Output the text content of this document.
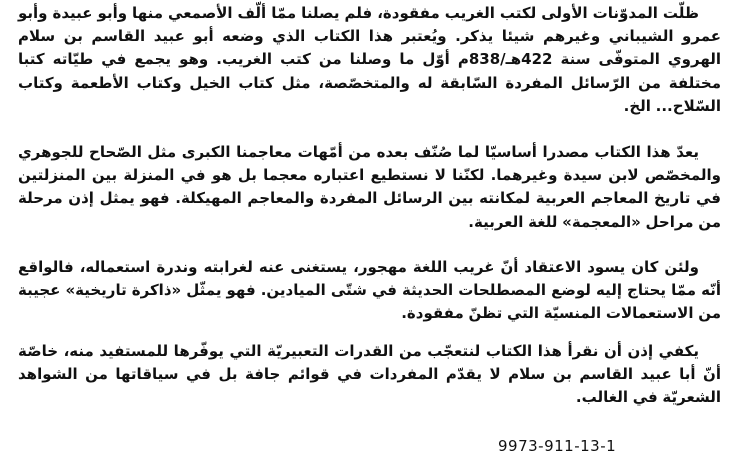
ظلّت المدوّنات الأولى لكتب الغريب مفقودة، فلم يصلنا ممّا ألّف الأصمعي منها وأبو عبيدة وأبو عمرو الشيباني وغيرهم شيئا يذكر. ويُعتبر هذا الكتاب الذي وضعه أبو عبيد القاسم بن سلام الهروي المتوفّى سنة 422هـ/838م أوّل ما وصلنا من كتب الغريب. وهو يجمع في طيّاته كتبا مختلفة من الرّسائل المفردة السّابقة له والمتخصّصة، مثل كتاب الخيل وكتاب الأطعمة وكتاب السّلاح... الخ.

يعدّ هذا الكتاب مصدرا أساسيّا لما صُنّف بعده من أمّهات معاجمنا الكبرى مثل الصّحاح للجوهري والمخصّص لابن سيدة وغيرهما. لكنّنا لا نستطيع اعتباره معجما بل هو في المنزلة بين المنزلتين في تاريخ المعاجم العربية لمكانته بين الرسائل المفردة والمعاجم المهيكلة. فهو يمثل إذن مرحلة من مراحل «المعجمة» للغة العربية.

ولئن كان يسود الاعتقاد أنّ غريب اللغة مهجور، يستغنى عنه لغرابته وندرة استعماله، فالواقع أنّه ممّا يحتاج إليه لوضع المصطلحات الحديثة في شتّى الميادين. فهو يمثّل «ذاكرة تاريخية» عجيبة من الاستعمالات المنسيّة التي تظنّ مفقودة.

يكفي إذن أن نقرأ هذا الكتاب لنتعجّب من القدرات التعبيريّة التي يوفّرها للمستفيد منه، خاصّة أنّ أبا عبيد القاسم بن سلام لا يقدّم المفردات في قوائم جافة بل في سياقاتها من الشواهد الشعريّة في الغالب.

9973-911-13-1
